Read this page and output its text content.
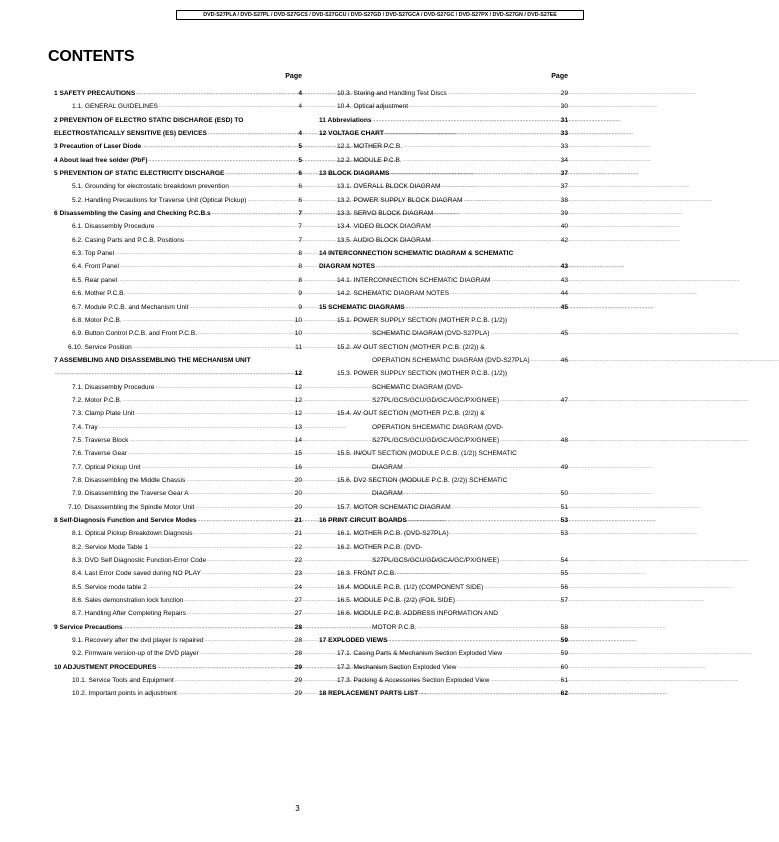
DVD-S27PLA / DVD-S27PL / DVD-S27GCS / DVD-S27GCU / DVD-S27GD / DVD-S27GCA / DVD-S27GC / DVD-S27PX / DVD-S27GN / DVD-S27EE
CONTENTS
Page
1 SAFETY PRECAUTIONS ·····	4
1.1. GENERAL GUIDELINES ·····	4
2 PREVENTION OF ELECTRO STATIC DISCHARGE (ESD) TO
ELECTROSTATICALLY SENSITIVE (ES) DEVICES ·····	4
3 Precaution of Laser Diode ·····	5
4 About lead free solder (PbF) ·····	5
5 PREVENTION OF STATIC ELECTRICITY DISCHARGE ·····	6
5.1. Grounding for electrostatic breakdown prevention ·····	6
5.2. Handling Precautions for Traverse Unit (Optical Pickup) ·····	6
6 Disassembling the Casing and Checking P.C.B.s ·····	7
6.1. Disassembly Procedure ·····	7
6.2. Casing Parts and P.C.B. Positions ·····	7
6.3. Top Panel ·····	8
6.4. Front Panel ·····	8
6.5. Rear panel ·····	8
6.6. Mother P.C.B. ·····	9
6.7. Module P.C.B. and Mechanism Unit ·····	9
6.8. Motor P.C.B. ·····	10
6.9. Button Control P.C.B. and Front P.C.B. ·····	10
6.10. Service Position ·····	11
7 ASSEMBLING AND DISASSEMBLING THE MECHANISM UNIT
·····
12
7.1. Disassembly Procedure ·····	12
7.2. Motor P.C.B. ·····	12
7.3. Clamp Plate Unit ·····	12
7.4. Tray ·····	13
7.5. Traverse Block ·····	14
7.6. Traverse Gear ·····	15
7.7. Optical Pickup Unit ·····	16
7.8. Disassembling the Middle Chassis ·····	20
7.9. Disassembling the Traverse Gear A ·····	20
7.10. Disassembling the Spindle Motor Unit ·····	20
8 Self-Diagnosis Function and Service Modes ·····	21
8.1. Optical Pickup Breakdown Diagnosis ·····	21
8.2. Service Mode Table 1 ·····	22
8.3. DVD Self Diagnostic Function-Error Code ·····	22
8.4. Last Error Code saved during NO PLAY ·····	23
8.5. Service mode table 2 ·····	24
8.6. Sales demonstration lock function ·····	27
8.7. Handling After Completing Repairs ·····	27
9 Service Precautions ·····	28
9.1. Recovery after the dvd player is repaired ·····	28
9.2. Firmware version-up of the DVD player ·····	28
10 ADJUSTMENT PROCEDURES ·····	29
10.1. Service Tools and Equipment ·····	29
10.2. Important points in adjustment ·····	29
Page
10.3. Storing and Handling Test Discs ·····	29
10.4. Optical adjustment ·····	30
11 Abbreviations ·····	31
12 VOLTAGE CHART ·····	33
12.1. MOTHER P.C.B. ·····	33
12.2. MODULE P.C.B. ·····	34
13 BLOCK DIAGRAMS ·····	37
13.1. OVERALL BLOCK DIAGRAM ·····	37
13.2. POWER SUPPLY BLOCK DIAGRAM ·····	38
13.3. SERVO BLOCK DIAGRAM ·····	39
13.4. VIDEO BLOCK DIAGRAM ·····	40
13.5. AUDIO BLOCK DIAGRAM ·····	42
14 INTERCONNECTION SCHEMATIC DIAGRAM & SCHEMATIC
DIAGRAM NOTES ·····	43
14.1. INTERCONNECTION SCHEMATIC DIAGRAM ·····	43
14.2. SCHEMATIC DIAGRAM NOTES ·····	44
15 SCHEMATIC DIAGRAMS ·····	45
15.1. POWER SUPPLY SECTION (MOTHER P.C.B. (1/2))
SCHEMATIC DIAGRAM (DVD-S27PLA) ·····	45
15.2. AV OUT SECTION (MOTHER P.C.B. (2/2)) &
OPERATION SCHEMATIC DIAGRAM (DVD-S27PLA) ·····	46
15.3. POWER SUPPLY SECTION (MOTHER P.C.B. (1/2))
SCHEMATIC DIAGRAM (DVD-
S27PL/GCS/GCU/GD/GCA/GC/PX/GN/EE) ·····	47
15.4. AV OUT SECTION (MOTHER P.C.B. (2/2)) &
OPERATION SHCEMATIC DIAGRAM (DVD-
S27PL/GCS/GCU/GD/GCA/GC/PX/GN/EE) ·····	48
15.5. IN/OUT SECTION (MODULE P.C.B. (1/2)) SCHEMATIC
DIAGRAM ·····	49
15.6. DV2 SECTION (MODULE P.C.B. (2/2)) SCHEMATIC
DIAGRAM ·····	50
15.7. MOTOR SCHEMATIC DIAGRAM ·····	51
16 PRINT CIRCUIT BOARDS ·····	53
16.1. MOTHER P.C.B. (DVD-S27PLA) ·····	53
16.2. MOTHER P.C.B. (DVD-
S27PL/GCS/GCU/GD/GCA/GC/PX/GN/EE) ·····	54
16.3. FRONT P.C.B. ·····	55
16.4. MODULE P.C.B. (1/2) (COMPONENT SIDE) ·····	56
16.5. MODULE P.C.B. (2/2) (FOIL SIDE) ·····	57
16.6. MODULE P.C.B. ADDRESS INFORMATION AND
MOTOR P.C.B. ·····	58
17 EXPLODED VIEWS ·····	59
17.1. Casing Parts & Mechanism Section Exploded View ·····	59
17.2. Mechanism Section Exploded View ·····	60
17.3. Packing & Accessories Section Exploded View ·····	61
18 REPLACEMENT PARTS LIST ·····	62
3
